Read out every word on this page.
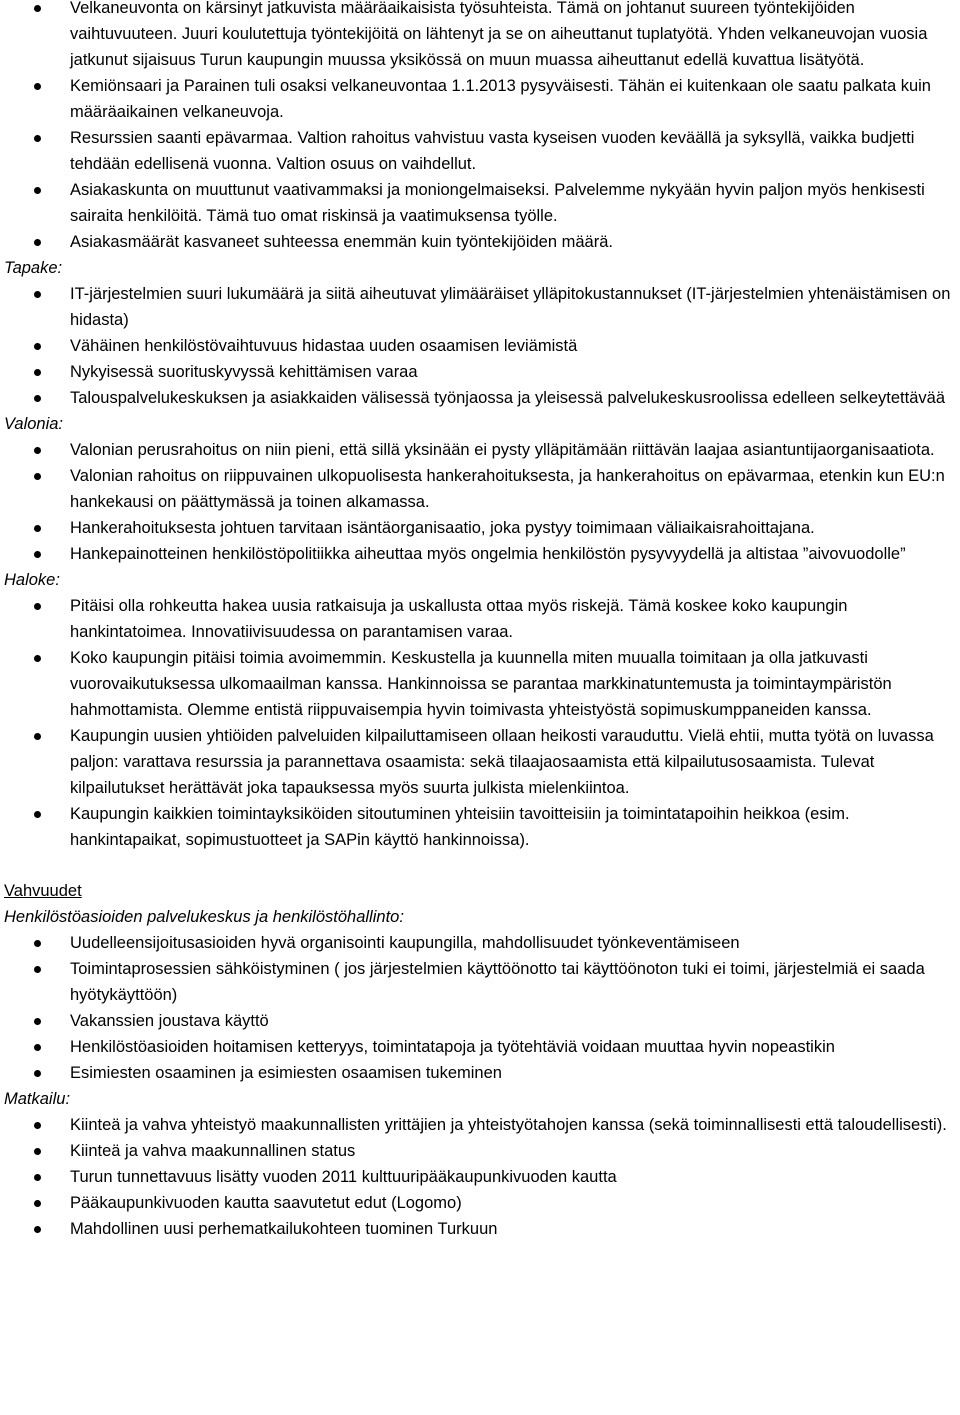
Velkaneuvonta on kärsinyt jatkuvista määräaikaisista työsuhteista. Tämä on johtanut suureen työntekijöiden vaihtuvuuteen. Juuri koulutettuja työntekijöitä on lähtenyt ja se on aiheuttanut tuplatyötä. Yhden velkaneuvojan vuosia jatkunut sijaisuus Turun kaupungin muussa yksikössä on muun muassa aiheuttanut edellä kuvattua lisätyötä.
Kemiönsaari ja Parainen tuli osaksi velkaneuvontaa 1.1.2013 pysyväisesti. Tähän ei kuitenkaan ole saatu palkata kuin määräaikainen velkaneuvoja.
Resurssien saanti epävarmaa. Valtion rahoitus vahvistuu vasta kyseisen vuoden keväällä ja syksyllä, vaikka budjetti tehdään edellisenä vuonna. Valtion osuus on vaihdellut.
Asiakaskunta on muuttunut vaativammaksi ja moniongelmaiseksi. Palvelemme nykyään hyvin paljon myös henkisesti sairaita henkilöitä. Tämä tuo omat riskinsä ja vaatimuksensa työlle.
Asiakasmäärät kasvaneet suhteessa enemmän kuin työntekijöiden määrä.
Tapake:
IT-järjestelmien suuri lukumäärä ja siitä aiheutuvat ylimääräiset ylläpitokustannukset (IT-järjestelmien yhtenäistämisen on hidasta)
Vähäinen henkilöstövaihtuvuus hidastaa uuden osaamisen leviämistä
Nykyisessä suorituskyvyssä kehittämisen varaa
Talouspalvelukeskuksen ja asiakkaiden välisessä työnjaossa ja yleisessä palvelukeskusroolissa edelleen selkeytettävää
Valonia:
Valonian perusrahoitus on niin pieni, että sillä yksinään ei pysty ylläpitämään riittävän laajaa asiantuntijaorganisaatiota.
Valonian rahoitus on riippuvainen ulkopuolisesta hankerahoituksesta, ja hankerahoitus on epävarmaa, etenkin kun EU:n hankekausi on päättymässä ja toinen alkamassa.
Hankerahoituksesta johtuen tarvitaan isäntäorganisaatio, joka pystyy toimimaan väliaikaisrahoittajana.
Hankepainotteinen henkilöstöpolitiikka aiheuttaa myös ongelmia henkilöstön pysyvyydellä ja altistaa ”aivovuodolle”
Haloke:
Pitäisi olla rohkeutta hakea uusia ratkaisuja ja uskallusta ottaa myös riskejä. Tämä koskee koko kaupungin hankintatoimea. Innovatiivisuudessa on parantamisen varaa.
Koko kaupungin pitäisi toimia avoimemmin. Keskustella ja kuunnella miten muualla toimitaan ja olla jatkuvasti vuorovaikutuksessa ulkomaailman kanssa. Hankinnoissa se parantaa markkinatuntemusta ja toimintaympäristön hahmottamista. Olemme entistä riippuvaisempia hyvin toimivasta yhteistyöstä sopimuskumppaneiden kanssa.
Kaupungin uusien yhtiöiden palveluiden kilpailuttamiseen ollaan heikosti varauduttu. Vielä ehtii, mutta työtä on luvassa paljon: varattava resurssia ja parannettava osaamista: sekä tilaajaosaamista että kilpailutusosaamista. Tulevat kilpailutukset herättävät joka tapauksessa myös suurta julkista mielenkiintoa.
Kaupungin kaikkien toimintayksiköiden sitoutuminen yhteisiin tavoitteisiin ja toimintatapoihin heikkoa (esim. hankintapaikat, sopimustuotteet ja SAPin käyttö hankinnoissa).
Vahvuudet
Henkilöstöasioiden palvelukeskus ja henkilöstöhallinto:
Uudelleensijoitusasioiden hyvä organisointi kaupungilla, mahdollisuudet työnkeventämiseen
Toimintaprosessien sähköistyminen ( jos järjestelmien käyttöönotto tai käyttöönoton tuki ei toimi, järjestelmiä ei saada hyötykäyttöön)
Vakanssien joustava käyttö
Henkilöstöasioiden hoitamisen ketteryys, toimintatapoja ja työtehtäviä voidaan muuttaa hyvin nopeastikin
Esimiesten osaaminen ja esimiesten osaamisen tukeminen
Matkailu:
Kiinteä ja vahva yhteistyö maakunnallisten yrittäjien ja yhteistyötahojen kanssa (sekä toiminnallisesti että taloudellisesti).
Kiinteä ja vahva maakunnallinen status
Turun tunnettavuus lisätty vuoden 2011 kulttuuripääkaupunkivuoden kautta
Pääkaupunkivuoden kautta saavutetut edut (Logomo)
Mahdollinen uusi perhematkailukohteen tuominen Turkuun
